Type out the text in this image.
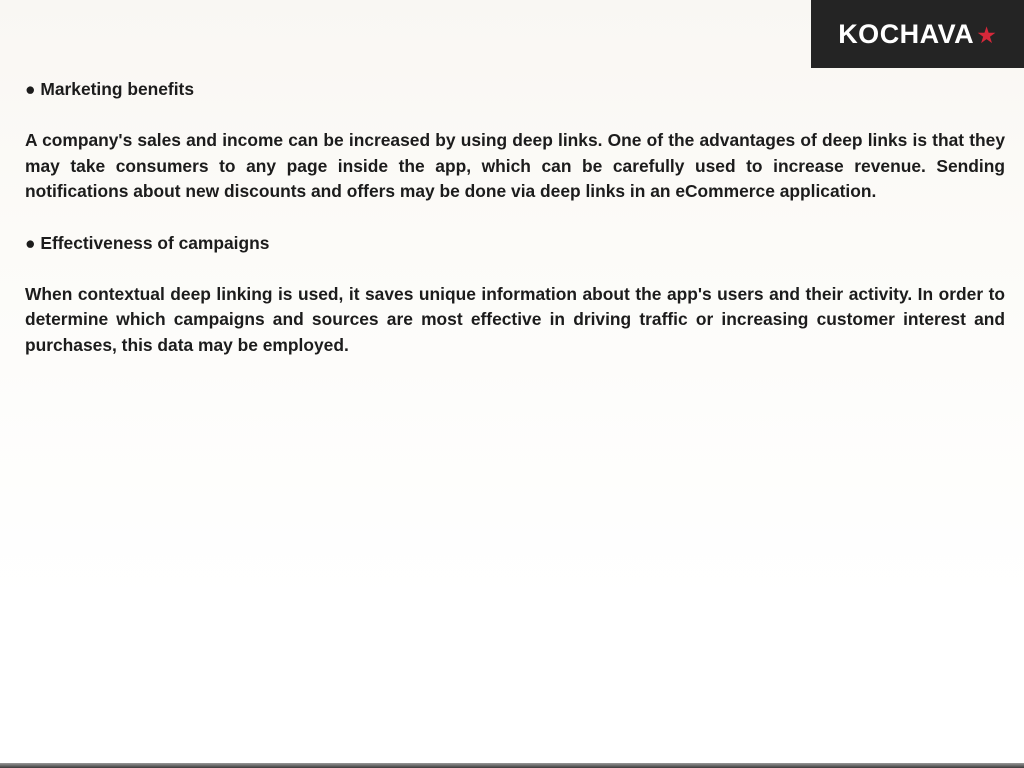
KOCHAVA ★

● Marketing benefits

A company's sales and income can be increased by using deep links. One of the advantages of deep links is that they may take consumers to any page inside the app, which can be carefully used to increase revenue. Sending notifications about new discounts and offers may be done via deep links in an eCommerce application.

● Effectiveness of campaigns

When contextual deep linking is used, it saves unique information about the app's users and their activity. In order to determine which campaigns and sources are most effective in driving traffic or increasing customer interest and purchases, this data may be employed.
